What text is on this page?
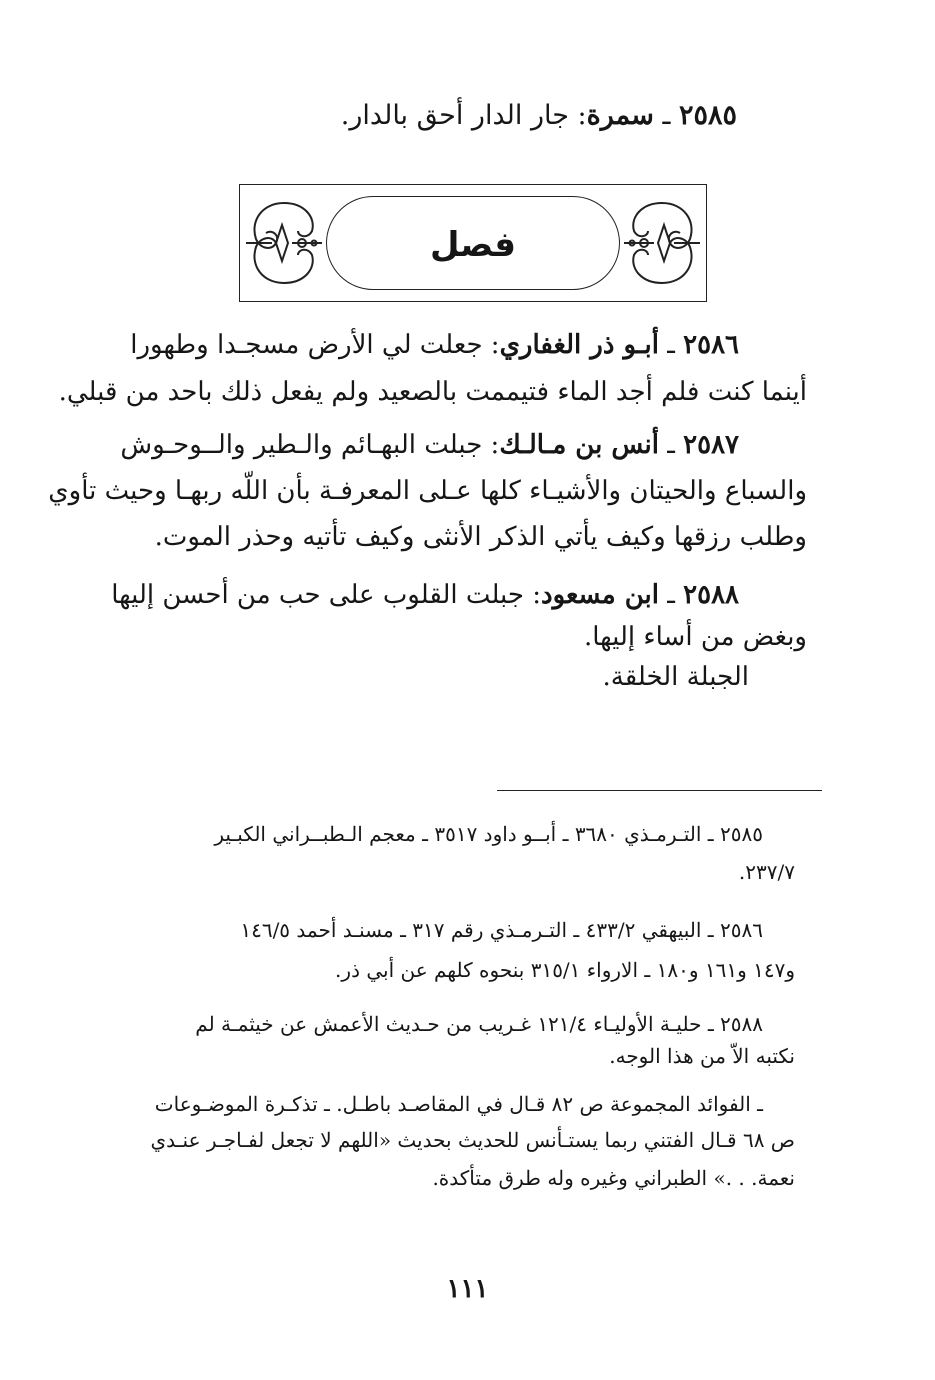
٢٥٨٥ ـ سمرة: جار الدار أحق بالدار.
فصل
٢٥٨٦ ـ أبـو ذر الغفاري: جعلت لي الأرض مسجـدا وطهورا
أينما كنت فلم أجد الماء فتيممت بالصعيد ولم يفعل ذلك باحد من قبلي.
٢٥٨٧ ـ أنس بن مـالـك: جبلت البهـائم والـطير والــوحـوش
والسباع والحيتان والأشيـاء كلها عـلى المعرفـة بأن اللّه ربهـا وحيث تأوي
وطلب رزقها وكيف يأتي الذكر الأنثى وكيف تأتيه وحذر الموت.
٢٥٨٨ ـ ابن مسعود: جبلت القلوب على حب من أحسن إليها
وبغض من أساء إليها.
الجبلة الخلقة.
٢٥٨٥ ـ التـرمـذي ٣٦٨٠ ـ أبــو داود ٣٥١٧ ـ معجم الـطبــراني الكبـير
٢٣٧/٧.
٢٥٨٦ ـ البيهقي ٤٣٣/٢ ـ التـرمـذي رقم ٣١٧ ـ مسنـد أحمد ١٤٦/٥
و١٤٧ و١٦١ و١٨٠ ـ الارواء ٣١٥/١ بنحوه كلهم عن أبي ذر.
٢٥٨٨ ـ حليـة الأوليـاء ١٢١/٤ غـريب من حـديث الأعمش عن خيثمـة لم
نكتبه الاّ من هذا الوجه.
ـ الفوائد المجموعة ص ٨٢ قـال في المقاصـد باطـل. ـ تذكـرة الموضـوعات
ص ٦٨ قـال الفتني ربما يستـأنس للحديث بحديث «اللهم لا تجعل لفـاجـر عنـدي
نعمة. . .» الطبراني وغيره وله طرق متأكدة.
١١١
